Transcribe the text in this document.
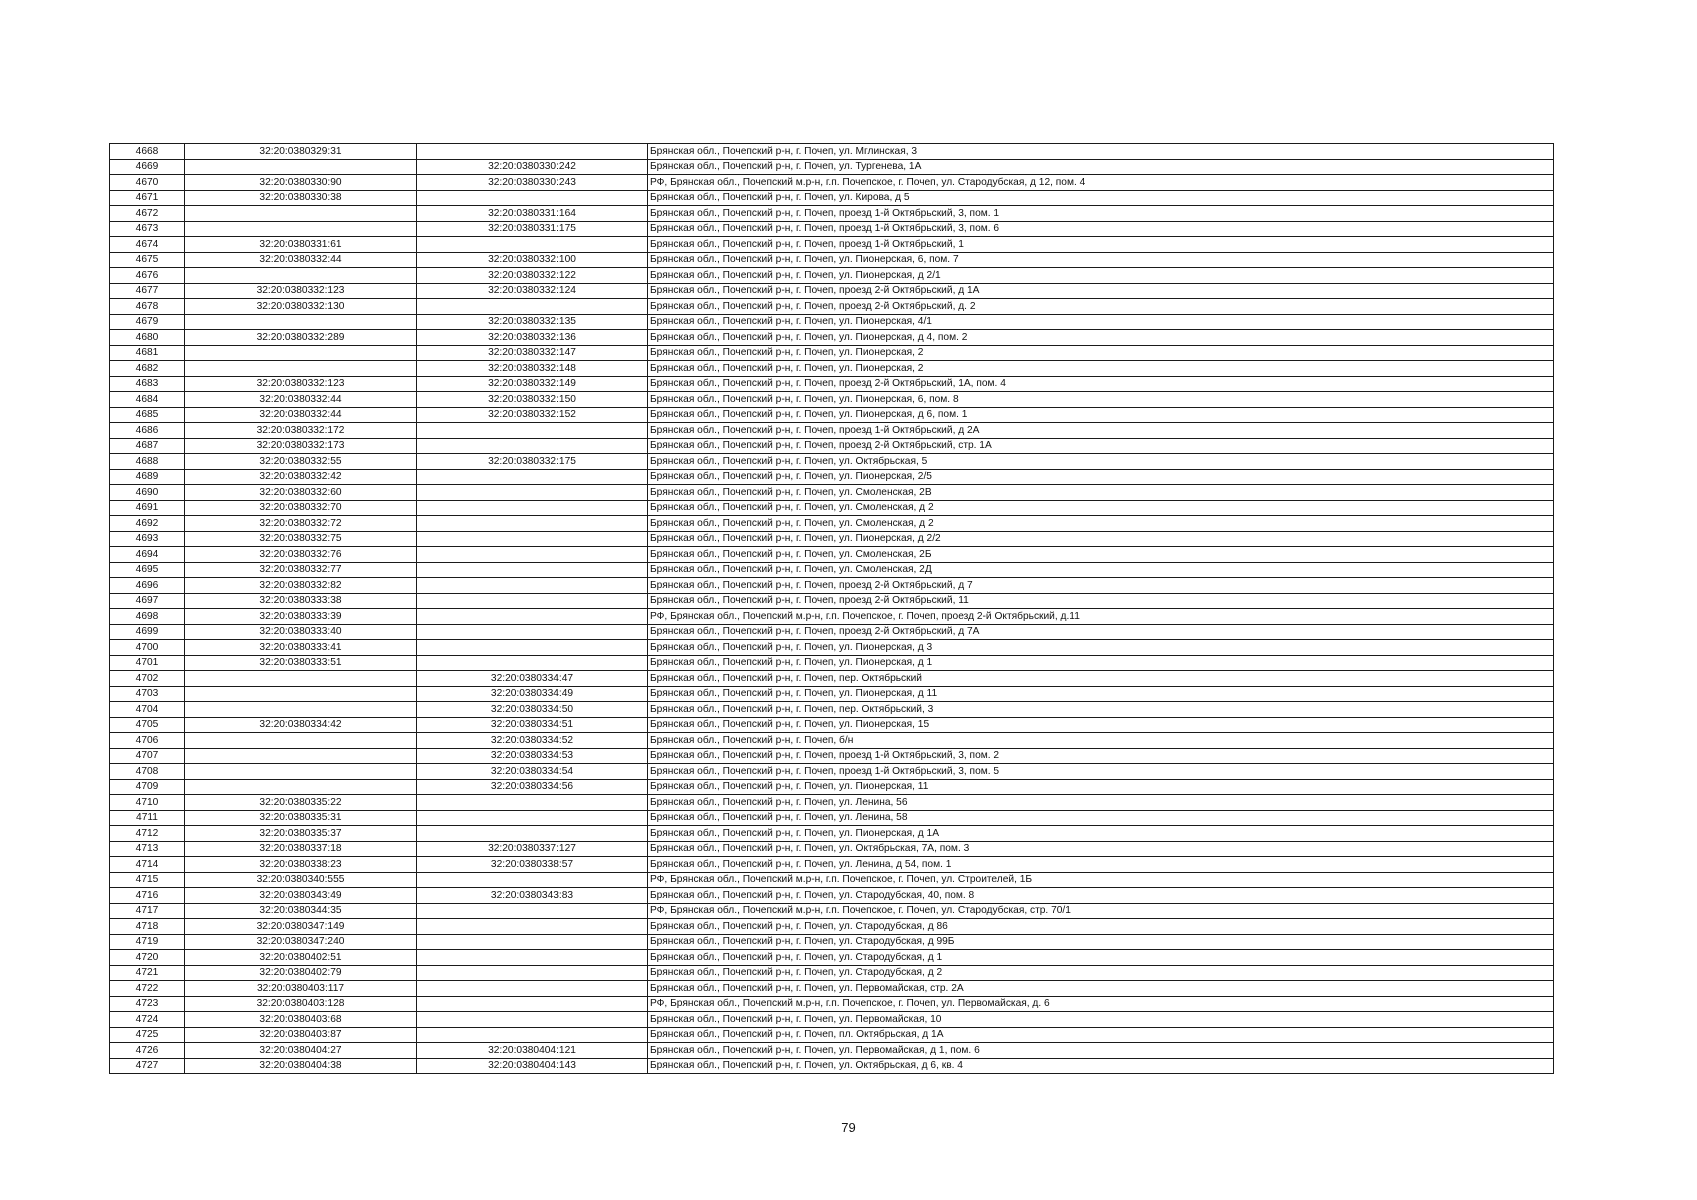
4668	32:20:0380329:31		Брянская обл., Почепский р-н, г. Почеп, ул. Мглинская, 3
4669		32:20:0380330:242	Брянская обл., Почепский р-н, г. Почеп, ул. Тургенева, 1А
4670	32:20:0380330:90	32:20:0380330:243	РФ, Брянская обл., Почепский м.р-н, г.п. Почепское, г. Почеп, ул. Стародубская, д 12, пом. 4
4671	32:20:0380330:38		Брянская обл., Почепский р-н, г. Почеп, ул. Кирова, д 5
4672		32:20:0380331:164	Брянская обл., Почепский р-н, г. Почеп, проезд 1-й Октябрьский, 3, пом. 1
4673		32:20:0380331:175	Брянская обл., Почепский р-н, г. Почеп, проезд 1-й Октябрьский, 3, пом. 6
4674	32:20:0380331:61		Брянская обл., Почепский р-н, г. Почеп, проезд 1-й Октябрьский, 1
4675	32:20:0380332:44	32:20:0380332:100	Брянская обл., Почепский р-н, г. Почеп, ул. Пионерская, 6, пом. 7
4676		32:20:0380332:122	Брянская обл., Почепский р-н, г. Почеп, ул. Пионерская, д 2/1
4677	32:20:0380332:123	32:20:0380332:124	Брянская обл., Почепский р-н, г. Почеп, проезд 2-й Октябрьский, д 1А
4678	32:20:0380332:130		Брянская обл., Почепский р-н, г. Почеп, проезд 2-й Октябрьский, д. 2
4679		32:20:0380332:135	Брянская обл., Почепский р-н, г. Почеп, ул. Пионерская, 4/1
4680	32:20:0380332:289	32:20:0380332:136	Брянская обл., Почепский р-н, г. Почеп, ул. Пионерская, д 4, пом. 2
4681		32:20:0380332:147	Брянская обл., Почепский р-н, г. Почеп, ул. Пионерская, 2
4682		32:20:0380332:148	Брянская обл., Почепский р-н, г. Почеп, ул. Пионерская, 2
4683	32:20:0380332:123	32:20:0380332:149	Брянская обл., Почепский р-н, г. Почеп, проезд 2-й Октябрьский, 1А, пом. 4
4684	32:20:0380332:44	32:20:0380332:150	Брянская обл., Почепский р-н, г. Почеп, ул. Пионерская, 6, пом. 8
4685	32:20:0380332:44	32:20:0380332:152	Брянская обл., Почепский р-н, г. Почеп, ул. Пионерская, д 6, пом. 1
4686	32:20:0380332:172		Брянская обл., Почепский р-н, г. Почеп, проезд 1-й Октябрьский, д 2А
4687	32:20:0380332:173		Брянская обл., Почепский р-н, г. Почеп, проезд 2-й Октябрьский, стр. 1А
4688	32:20:0380332:55	32:20:0380332:175	Брянская обл., Почепский р-н, г. Почеп, ул. Октябрьская, 5
4689	32:20:0380332:42		Брянская обл., Почепский р-н, г. Почеп, ул. Пионерская, 2/5
4690	32:20:0380332:60		Брянская обл., Почепский р-н, г. Почеп, ул. Смоленская, 2В
4691	32:20:0380332:70		Брянская обл., Почепский р-н, г. Почеп, ул. Смоленская, д 2
4692	32:20:0380332:72		Брянская обл., Почепский р-н, г. Почеп, ул. Смоленская, д 2
4693	32:20:0380332:75		Брянская обл., Почепский р-н, г. Почеп, ул. Пионерская, д 2/2
4694	32:20:0380332:76		Брянская обл., Почепский р-н, г. Почеп, ул. Смоленская, 2Б
4695	32:20:0380332:77		Брянская обл., Почепский р-н, г. Почеп, ул. Смоленская, 2Д
4696	32:20:0380332:82		Брянская обл., Почепский р-н, г. Почеп, проезд 2-й Октябрьский, д 7
4697	32:20:0380333:38		Брянская обл., Почепский р-н, г. Почеп, проезд 2-й Октябрьский, 11
4698	32:20:0380333:39		РФ, Брянская обл., Почепский м.р-н, г.п. Почепское, г. Почеп, проезд 2-й Октябрьский, д.11
4699	32:20:0380333:40		Брянская обл., Почепский р-н, г. Почеп, проезд 2-й Октябрьский, д 7А
4700	32:20:0380333:41		Брянская обл., Почепский р-н, г. Почеп, ул. Пионерская, д 3
4701	32:20:0380333:51		Брянская обл., Почепский р-н, г. Почеп, ул. Пионерская, д 1
4702		32:20:0380334:47	Брянская обл., Почепский р-н, г. Почеп, пер. Октябрьский
4703		32:20:0380334:49	Брянская обл., Почепский р-н, г. Почеп, ул. Пионерская, д 11
4704		32:20:0380334:50	Брянская обл., Почепский р-н, г. Почеп, пер. Октябрьский, 3
4705	32:20:0380334:42	32:20:0380334:51	Брянская обл., Почепский р-н, г. Почеп, ул. Пионерская, 15
4706		32:20:0380334:52	Брянская обл., Почепский р-н, г. Почеп, б/н
4707		32:20:0380334:53	Брянская обл., Почепский р-н, г. Почеп, проезд 1-й Октябрьский, 3, пом. 2
4708		32:20:0380334:54	Брянская обл., Почепский р-н, г. Почеп, проезд 1-й Октябрьский, 3, пом. 5
4709		32:20:0380334:56	Брянская обл., Почепский р-н, г. Почеп, ул. Пионерская, 11
4710	32:20:0380335:22		Брянская обл., Почепский р-н, г. Почеп, ул. Ленина, 56
4711	32:20:0380335:31		Брянская обл., Почепский р-н, г. Почеп, ул. Ленина, 58
4712	32:20:0380335:37		Брянская обл., Почепский р-н, г. Почеп, ул. Пионерская, д 1А
4713	32:20:0380337:18	32:20:0380337:127	Брянская обл., Почепский р-н, г. Почеп, ул. Октябрьская, 7А, пом. 3
4714	32:20:0380338:23	32:20:0380338:57	Брянская обл., Почепский р-н, г. Почеп, ул. Ленина, д 54, пом. 1
4715	32:20:0380340:555		РФ, Брянская обл., Почепский м.р-н, г.п. Почепское, г. Почеп, ул. Строителей, 1Б
4716	32:20:0380343:49	32:20:0380343:83	Брянская обл., Почепский р-н, г. Почеп, ул. Стародубская, 40, пом. 8
4717	32:20:0380344:35		РФ, Брянская обл., Почепский м.р-н, г.п. Почепское, г. Почеп, ул. Стародубская, стр. 70/1
4718	32:20:0380347:149		Брянская обл., Почепский р-н, г. Почеп, ул. Стародубская, д 86
4719	32:20:0380347:240		Брянская обл., Почепский р-н, г. Почеп, ул. Стародубская, д 99Б
4720	32:20:0380402:51		Брянская обл., Почепский р-н, г. Почеп, ул. Стародубская, д 1
4721	32:20:0380402:79		Брянская обл., Почепский р-н, г. Почеп, ул. Стародубская, д 2
4722	32:20:0380403:117		Брянская обл., Почепский р-н, г. Почеп, ул. Первомайская, стр. 2А
4723	32:20:0380403:128		РФ, Брянская обл., Почепский м.р-н, г.п. Почепское, г. Почеп, ул. Первомайская, д. 6
4724	32:20:0380403:68		Брянская обл., Почепский р-н, г. Почеп, ул. Первомайская, 10
4725	32:20:0380403:87		Брянская обл., Почепский р-н, г. Почеп, пл. Октябрьская, д 1А
4726	32:20:0380404:27	32:20:0380404:121	Брянская обл., Почепский р-н, г. Почеп, ул. Первомайская, д 1, пом. 6
4727	32:20:0380404:38	32:20:0380404:143	Брянская обл., Почепский р-н, г. Почеп, ул. Октябрьская, д 6, кв. 4
79
